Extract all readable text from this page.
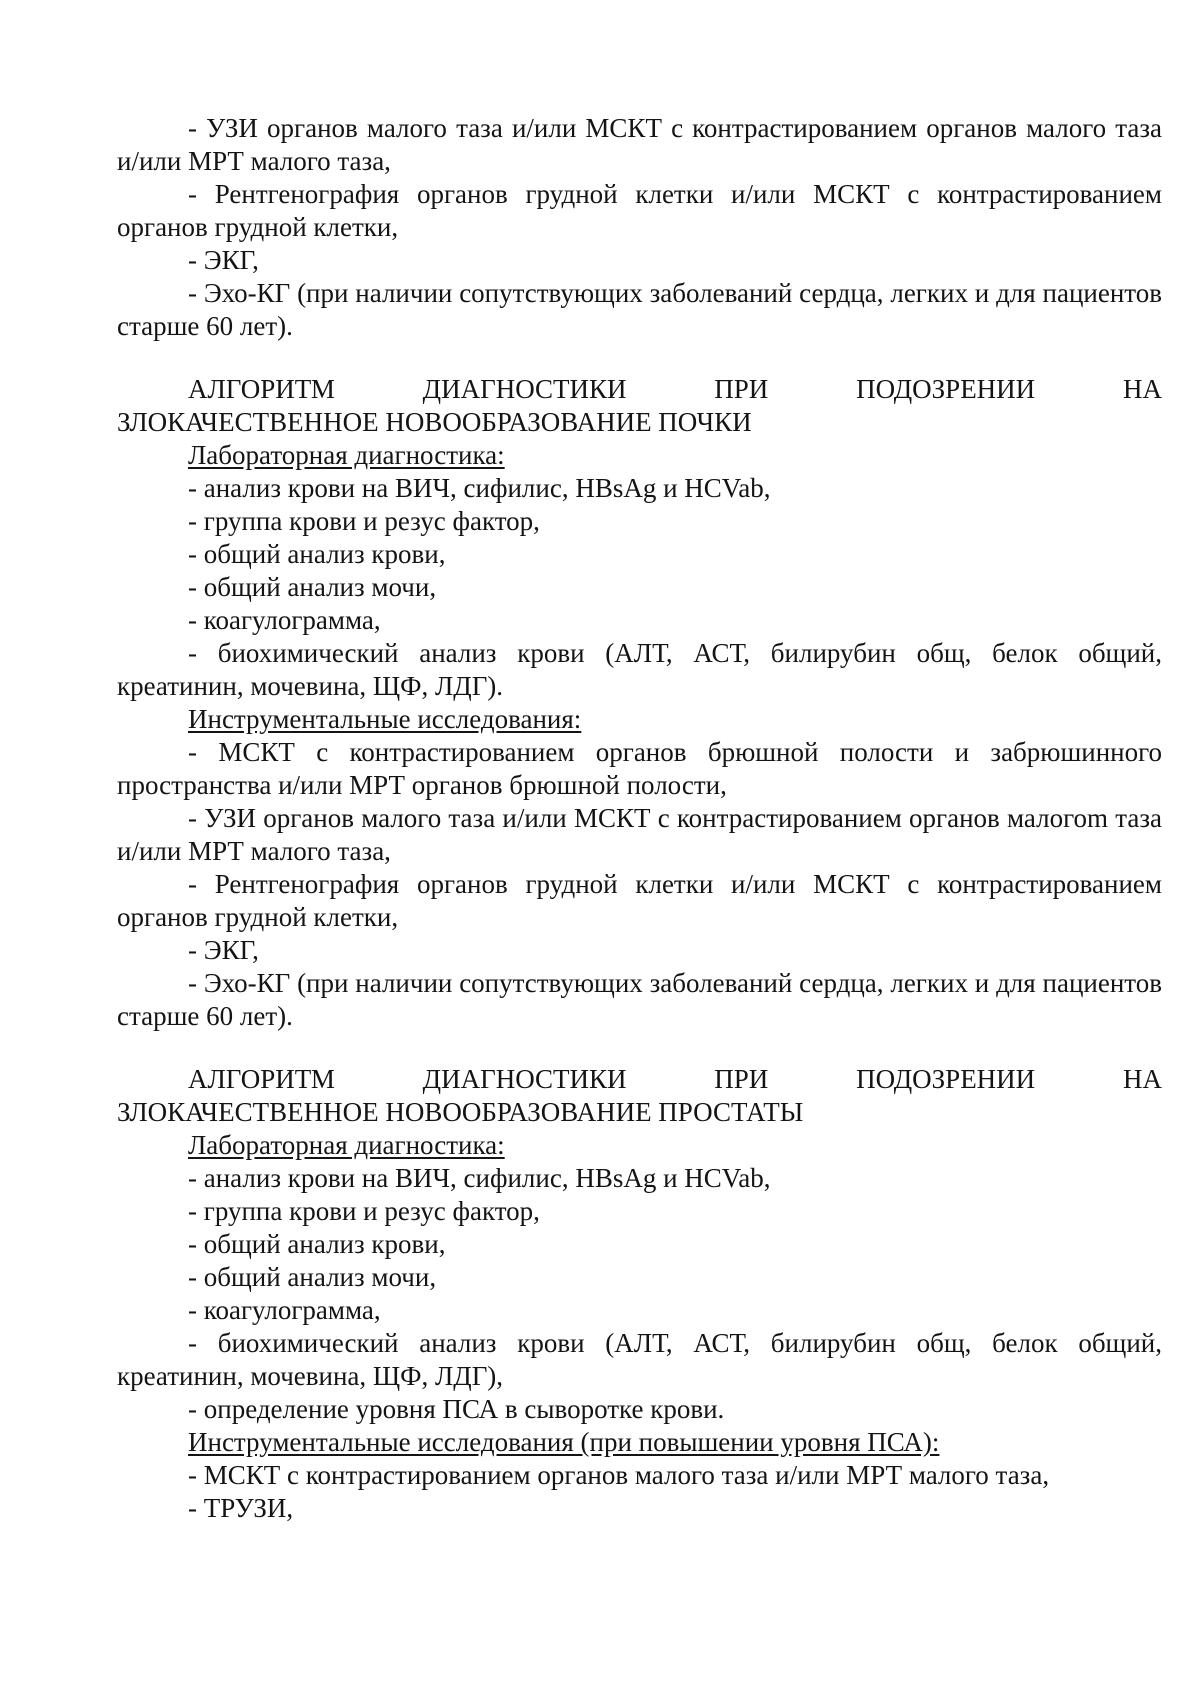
- УЗИ органов малого таза и/или МСКТ с контрастированием органов малого таза и/или МРТ малого таза,

- Рентгенография органов грудной клетки и/или МСКТ с контрастированием органов грудной клетки,

- ЭКГ,

- Эхо-КГ (при наличии сопутствующих заболеваний сердца, легких и для пациентов старше 60 лет).

АЛГОРИТМ	ДИАГНОСТИКИ	ПРИ	ПОДОЗРЕНИИ	НА
ЗЛОКАЧЕСТВЕННОЕ НОВООБРАЗОВАНИЕ ПОЧКИ

Лабораторная диагностика:

- анализ крови на ВИЧ, сифилис, HBsAg и HCVab,

- группа крови и резус фактор,

- общий анализ крови,

- общий анализ мочи,

- коагулограмма,

- биохимический анализ крови (АЛТ, АСТ, билирубин общ, белок общий, креатинин, мочевина, ЩФ, ЛДГ).

Инструментальные исследования:

- МСКТ с контрастированием органов брюшной полости и забрюшинного пространства и/или МРТ органов брюшной полости,

- УЗИ органов малого таза и/или МСКТ с контрастированием органов малогоm таза и/или МРТ малого таза,

- Рентгенография органов грудной клетки и/или МСКТ с контрастированием органов грудной клетки,

- ЭКГ,

- Эхо-КГ (при наличии сопутствующих заболеваний сердца, легких и для пациентов старше 60 лет).

АЛГОРИТМ	ДИАГНОСТИКИ	ПРИ	ПОДОЗРЕНИИ	НА
ЗЛОКАЧЕСТВЕННОЕ НОВООБРАЗОВАНИЕ ПРОСТАТЫ

Лабораторная диагностика:

- анализ крови на ВИЧ, сифилис, HBsAg и HCVab,

- группа крови и резус фактор,

- общий анализ крови,

- общий анализ мочи,

- коагулограмма,

- биохимический анализ крови (АЛТ, АСТ, билирубин общ, белок общий, креатинин, мочевина, ЩФ, ЛДГ),

- определение уровня ПСА в сыворотке крови.

Инструментальные исследования (при повышении уровня ПСА):

- МСКТ с контрастированием органов малого таза и/или МРТ малого таза,

- ТРУЗИ,
